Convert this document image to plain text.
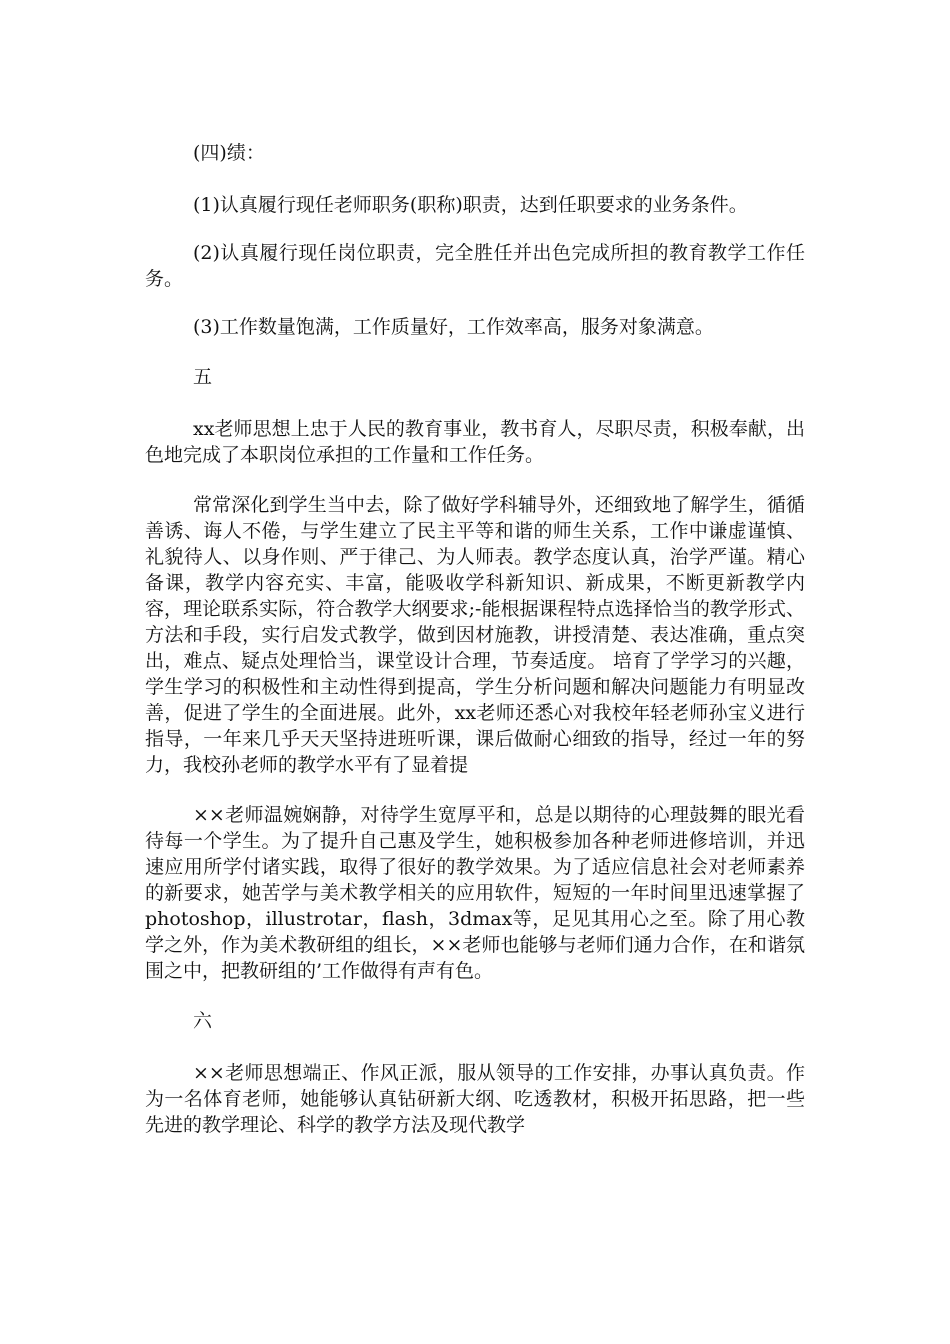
(四)绩：

(1)认真履行现任老师职务(职称)职责，达到任职要求的业务条件。

(2)认真履行现任岗位职责，完全胜任并出色完成所担的教育教学工作任务。

(3)工作数量饱满，工作质量好，工作效率高，服务对象满意。

五

xx老师思想上忠于人民的教育事业，教书育人，尽职尽责，积极奉献，出色地完成了本职岗位承担的工作量和工作任务。

常常深化到学生当中去，除了做好学科辅导外，还细致地了解学生，循循善诱、诲人不倦，与学生建立了民主平等和谐的师生关系，工作中谦虚谨慎、礼貌待人、以身作则、严于律己、为人师表。教学态度认真，治学严谨。精心备课，教学内容充实、丰富，能吸收学科新知识、新成果，不断更新教学内容，理论联系实际，符合教学大纲要求;-能根据课程特点选择恰当的教学形式、方法和手段，实行启发式教学，做到因材施教，讲授清楚、表达准确，重点突出，难点、疑点处理恰当，课堂设计合理，节奏适度。 培育了学学习的兴趣，学生学习的积极性和主动性得到提高，学生分析问题和解决问题能力有明显改善，促进了学生的全面进展。此外，xx老师还悉心对我校年轻老师孙宝义进行指导，一年来几乎天天坚持进班听课，课后做耐心细致的指导，经过一年的努力，我校孙老师的教学水平有了显着提

××老师温婉娴静，对待学生宽厚平和，总是以期待的心理鼓舞的眼光看待每一个学生。为了提升自己惠及学生，她积极参加各种老师进修培训，并迅速应用所学付诸实践，取得了很好的教学效果。为了适应信息社会对老师素养的新要求，她苦学与美术教学相关的应用软件，短短的一年时间里迅速掌握了photoshop，illustrotar，flash，3dmax等，足见其用心之至。除了用心教学之外，作为美术教研组的组长，××老师也能够与老师们通力合作，在和谐氛围之中，把教研组的’工作做得有声有色。

六

××老师思想端正、作风正派，服从领导的工作安排，办事认真负责。作为一名体育老师，她能够认真钻研新大纲、吃透教材，积极开拓思路，把一些先进的教学理论、科学的教学方法及现代教学
